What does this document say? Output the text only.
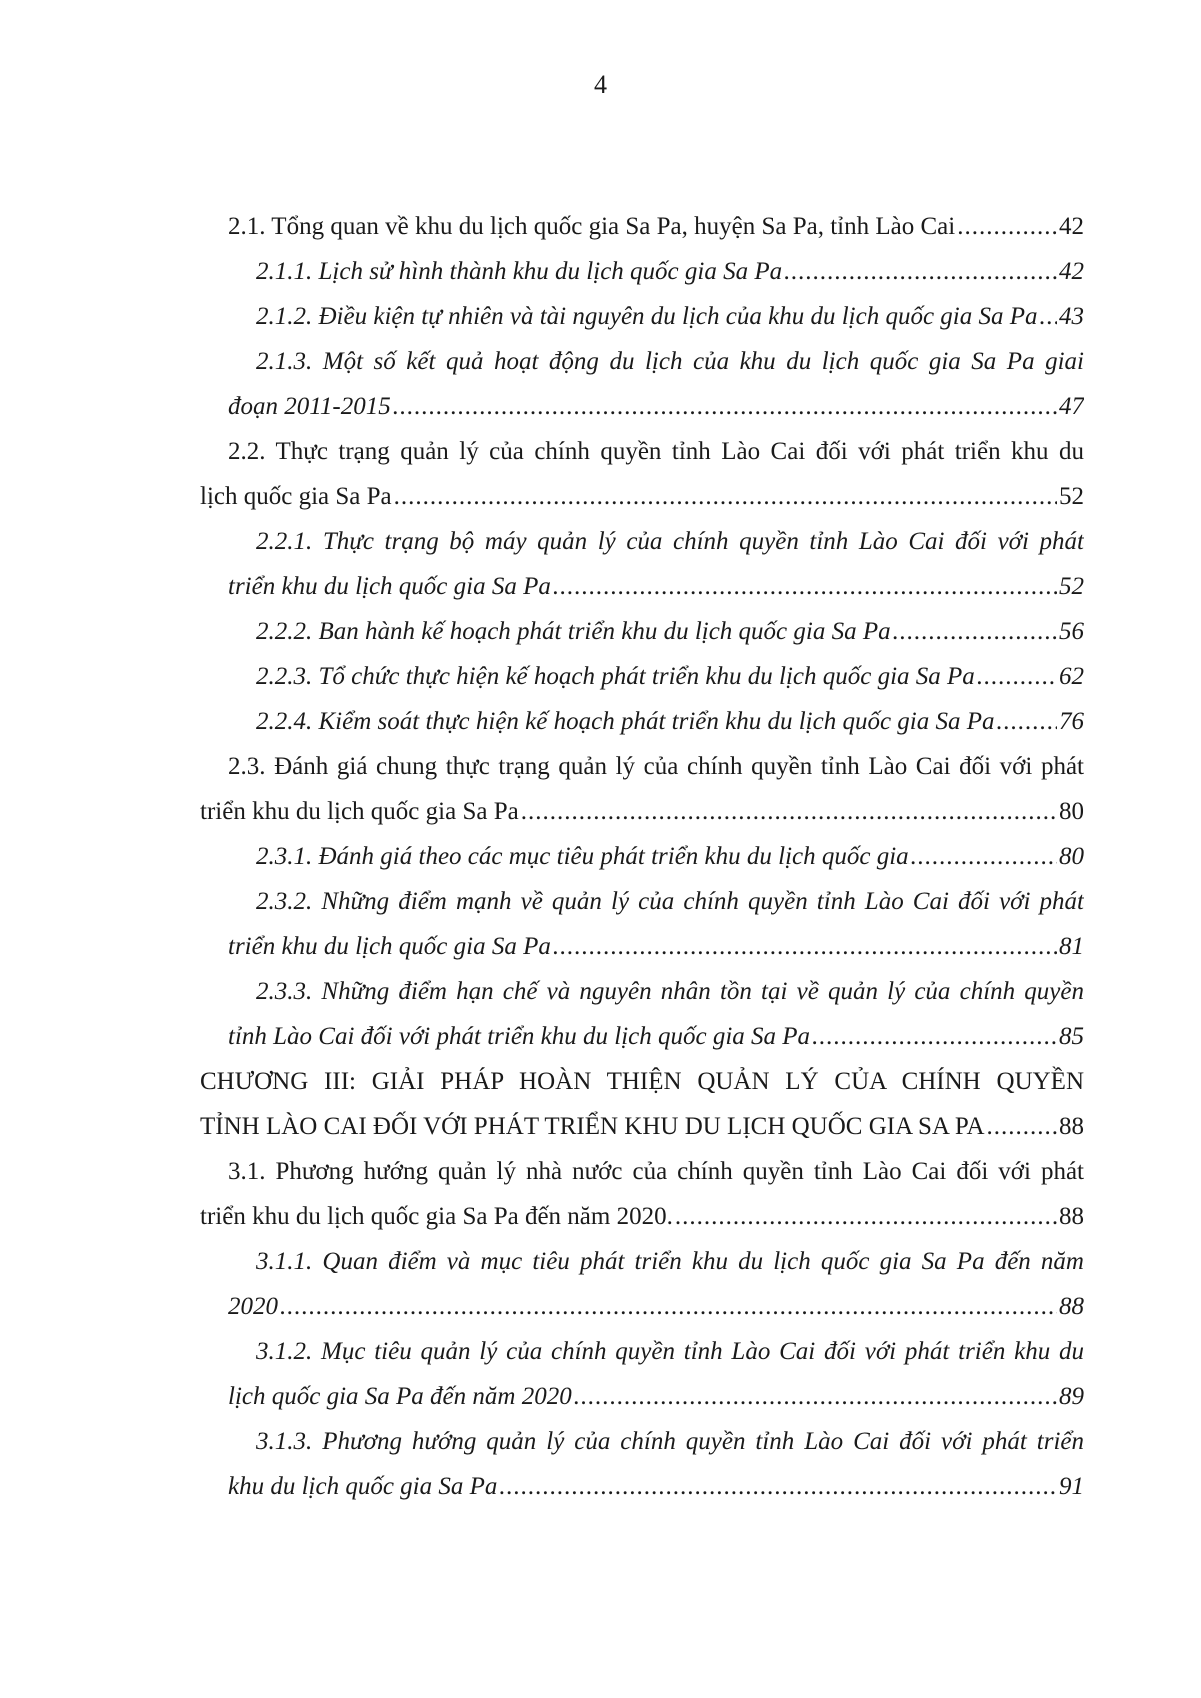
4
2.1. Tổng quan về khu du lịch quốc gia Sa Pa, huyện Sa Pa, tỉnh Lào Cai .....	42
2.1.1. Lịch sử hình thành khu du lịch quốc gia Sa Pa .....	42
2.1.2. Điều kiện tự nhiên và tài nguyên du lịch của khu du lịch quốc gia Sa Pa ..... 43
2.1.3. Một số kết quả hoạt động du lịch của khu du lịch quốc gia Sa Pa giai
đoạn 2011-2015 .....	47
2.2. Thực trạng quản lý của chính quyền tỉnh Lào Cai đối với phát triển khu du
lịch quốc gia Sa Pa .....	52
2.2.1. Thực trạng bộ máy quản lý của chính quyền tỉnh Lào Cai đối với phát
triển khu du lịch quốc gia Sa Pa .....	52
2.2.2. Ban hành kế hoạch phát triển khu du lịch quốc gia Sa Pa .....	56
2.2.3. Tổ chức thực hiện kế hoạch phát triển khu du lịch quốc gia Sa Pa .....	62
2.2.4. Kiểm soát thực hiện kế hoạch phát triển khu du lịch quốc gia Sa Pa .....	76
2.3. Đánh giá chung thực trạng quản lý của chính quyền tỉnh Lào Cai đối với phát
triển khu du lịch quốc gia Sa Pa .....	80
2.3.1. Đánh giá theo các mục tiêu phát triển khu du lịch quốc gia .....	80
2.3.2. Những điểm mạnh về quản lý của chính quyền tỉnh Lào Cai đối với phát
triển khu du lịch quốc gia Sa Pa .....	81
2.3.3. Những điểm hạn chế và nguyên nhân tồn tại về quản lý của chính quyền
tỉnh Lào Cai đối với phát triển khu du lịch quốc gia Sa Pa .....	85
CHƯƠNG III: GIẢI PHÁP HOÀN THIỆN QUẢN LÝ CỦA CHÍNH QUYỀN
TỈNH LÀO CAI ĐỐI VỚI PHÁT TRIỂN KHU DU LỊCH QUỐC GIA SA PA .....	88
3.1. Phương hướng quản lý nhà nước của chính quyền tỉnh Lào Cai đối với phát
triển khu du lịch quốc gia Sa Pa đến năm 2020. .....	88
3.1.1. Quan điểm và mục tiêu phát triển khu du lịch quốc gia Sa Pa đến năm
2020 .....	88
3.1.2. Mục tiêu quản lý của chính quyền tỉnh Lào Cai đối với phát triển khu du
lịch quốc gia Sa Pa đến năm 2020 .....	89
3.1.3. Phương hướng quản lý của chính quyền tỉnh Lào Cai đối với phát triển
khu du lịch quốc gia Sa Pa .....	91
